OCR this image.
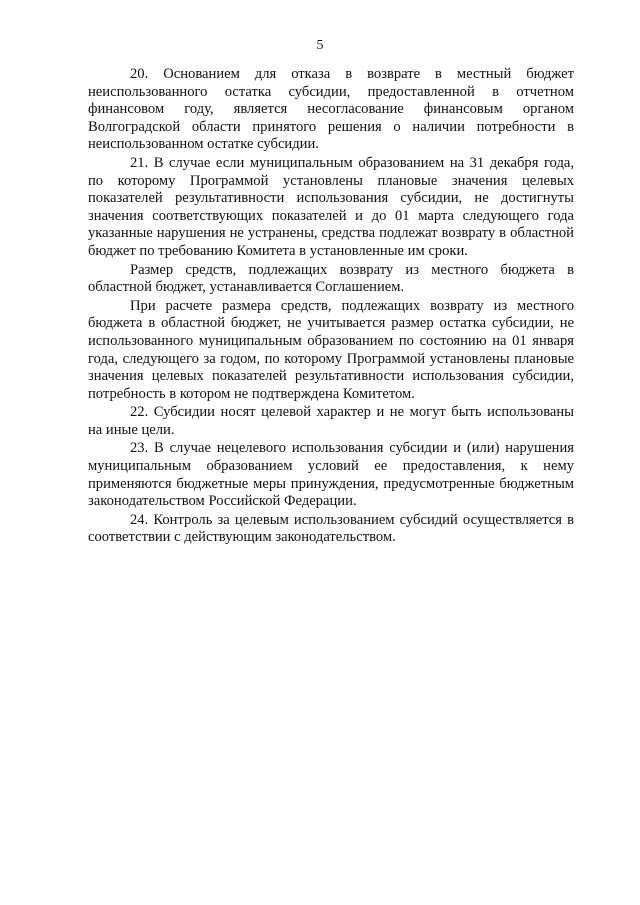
5

20. Основанием для отказа в возврате в местный бюджет неиспользованного остатка субсидии, предоставленной в отчетном финансовом году, является несогласование финансовым органом Волгоградской области принятого решения о наличии потребности в неиспользованном остатке субсидии.

21. В случае если муниципальным образованием на 31 декабря года, по которому Программой установлены плановые значения целевых показателей результативности использования субсидии, не достигнуты значения соответствующих показателей и до 01 марта следующего года указанные нарушения не устранены, средства подлежат возврату в областной бюджет по требованию Комитета в установленные им сроки.

Размер средств, подлежащих возврату из местного бюджета в областной бюджет, устанавливается Соглашением.

При расчете размера средств, подлежащих возврату из местного бюджета в областной бюджет, не учитывается размер остатка субсидии, не использованного муниципальным образованием по состоянию на 01 января года, следующего за годом, по которому Программой установлены плановые значения целевых показателей результативности использования субсидии, потребность в котором не подтверждена Комитетом.

22. Субсидии носят целевой характер и не могут быть использованы на иные цели.

23. В случае нецелевого использования субсидии и (или) нарушения муниципальным образованием условий ее предоставления, к нему применяются бюджетные меры принуждения, предусмотренные бюджетным законодательством Российской Федерации.

24. Контроль за целевым использованием субсидий осуществляется в соответствии с действующим законодательством.
